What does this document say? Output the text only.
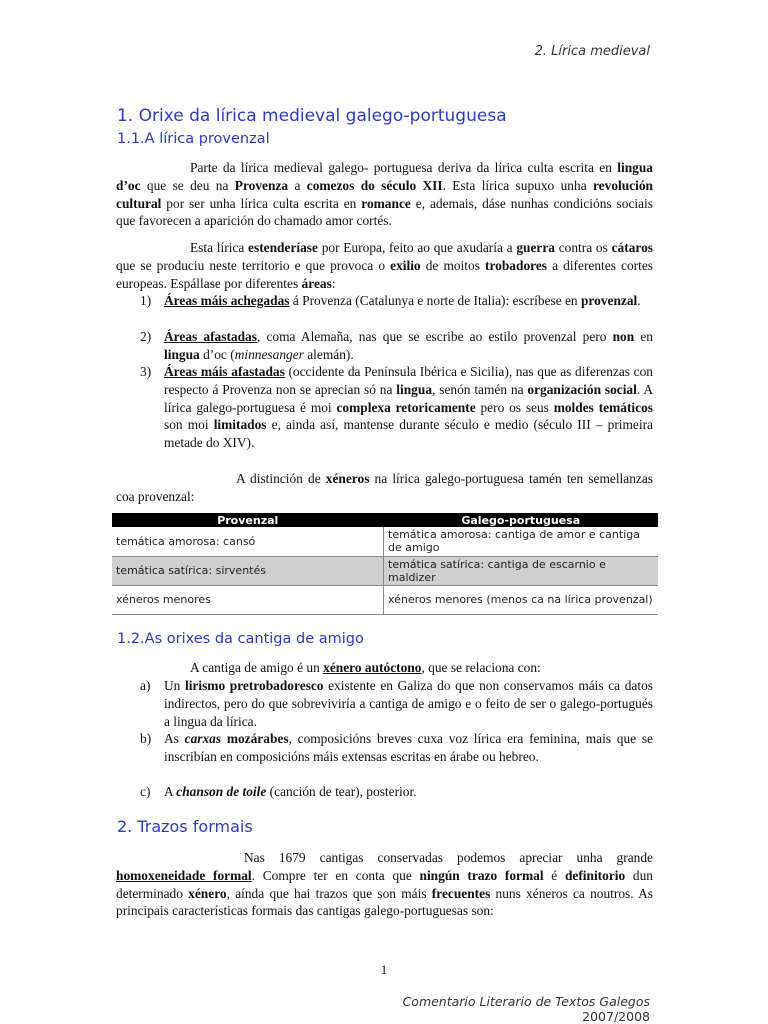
2. Lírica medieval
1. Orixe da lírica medieval galego-portuguesa
1.1.A lírica provenzal

Parte da lírica medieval galego- portuguesa deriva da lírica culta escrita en lingua d’oc que se deu na Provenza a comezos do século XII. Esta lírica supuxo unha revolución cultural por ser unha lírica culta escrita en romance e, ademais, dáse nunhas condicións sociais que favorecen a aparición do chamado amor cortés.

Esta lírica estenderíase por Europa, feito ao que axudaría a guerra contra os cátaros que se produciu neste territorio e que provoca o exilio de moitos trobadores a diferentes cortes europeas. Espállase por diferentes áreas:

1) Áreas máis achegadas á Provenza (Catalunya e norte de Italia): escríbese en provenzal.
2) Áreas afastadas, coma Alemaña, nas que se escribe ao estilo provenzal pero non en lingua d’oc (minnesanger alemán).
3) Áreas máis afastadas (occidente da Península Ibérica e Sicilia), nas que as diferenzas con respecto á Provenza non se aprecian só na lingua, senón tamén na organización social. A lírica galego-portuguesa é moi complexa retoricamente pero os seus moldes temáticos son moi limitados e, ainda así, mantense durante século e medio (século III – primeira metade do XIV).

A distinción de xéneros na lírica galego-portuguesa tamén ten semellanzas coa provenzal:

Provenzal	Galego-portuguesa
temática amorosa: cansó	temática amorosa: cantiga de amor e cantiga de amigo
temática satírica: sirventés	temática satírica: cantiga de escarnio e maldizer
xéneros menores	xéneros menores (menos ca na lírica provenzal)
1.2.As orixes da cantiga de amigo

A cantiga de amigo é un xénero autóctono, que se relaciona con:

a) Un lirismo pretrobadoresco existente en Galiza do que non conservamos máis ca datos indirectos, pero do que sobreviviría a cantiga de amigo e o feito de ser o galego-portugués a lingua da lírica.
b) As carxas mozárabes, composicións breves cuxa voz lírica era feminina, mais que se inscribían en composicións máis extensas escritas en árabe ou hebreo.
c) A chanson de toile (canción de tear), posterior.
2. Trazos formais

Nas 1679 cantigas conservadas podemos apreciar unha grande homoxeneidade formal. Compre ter en conta que ningún trazo formal é definitorio dun determinado xénero, aínda que hai trazos que son máis frecuentes nuns xéneros ca noutros. As principais características formais das cantigas galego-portuguesas son:

1
Comentario Literario de Textos Galegos
2007/2008
